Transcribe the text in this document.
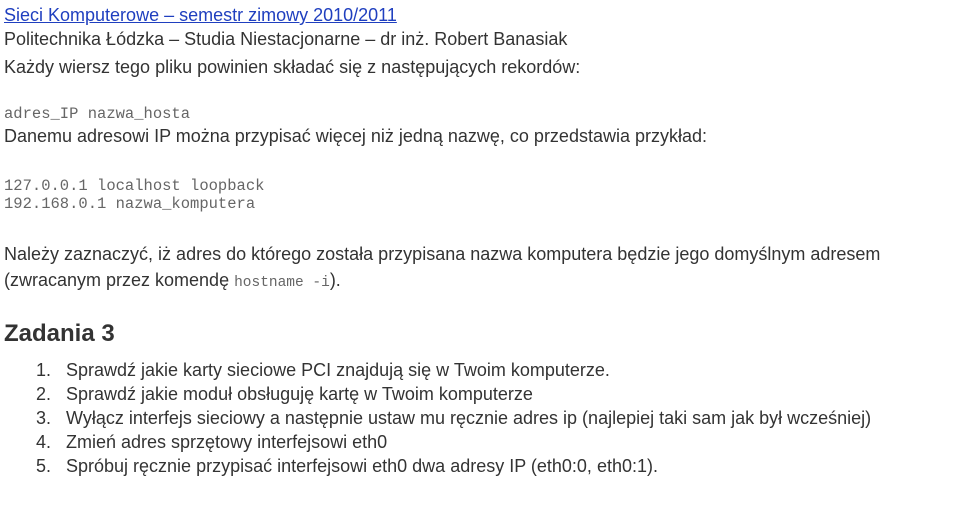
Sieci Komputerowe – semestr zimowy 2010/2011
Politechnika Łódzka – Studia Niestacjonarne – dr inż. Robert Banasiak
Każdy wiersz tego pliku powinien składać się z następujących rekordów:
adres_IP nazwa_hosta
Danemu adresowi IP można przypisać więcej niż jedną nazwę, co przedstawia przykład:
127.0.0.1 localhost loopback
192.168.0.1 nazwa_komputera
Należy zaznaczyć, iż adres do którego została przypisana nazwa komputera będzie jego domyślnym adresem (zwracanym przez komendę hostname -i).
Zadania 3
1. Sprawdź jakie karty sieciowe PCI znajdują się w Twoim komputerze.
2. Sprawdź jakie moduł obsługuję kartę w Twoim komputerze
3. Wyłącz interfejs sieciowy a następnie ustaw mu ręcznie adres ip (najlepiej taki sam jak był wcześniej)
4. Zmień adres sprzętowy interfejsowi eth0
5. Spróbuj ręcznie przypisać interfejsowi eth0 dwa adresy IP (eth0:0, eth0:1).
